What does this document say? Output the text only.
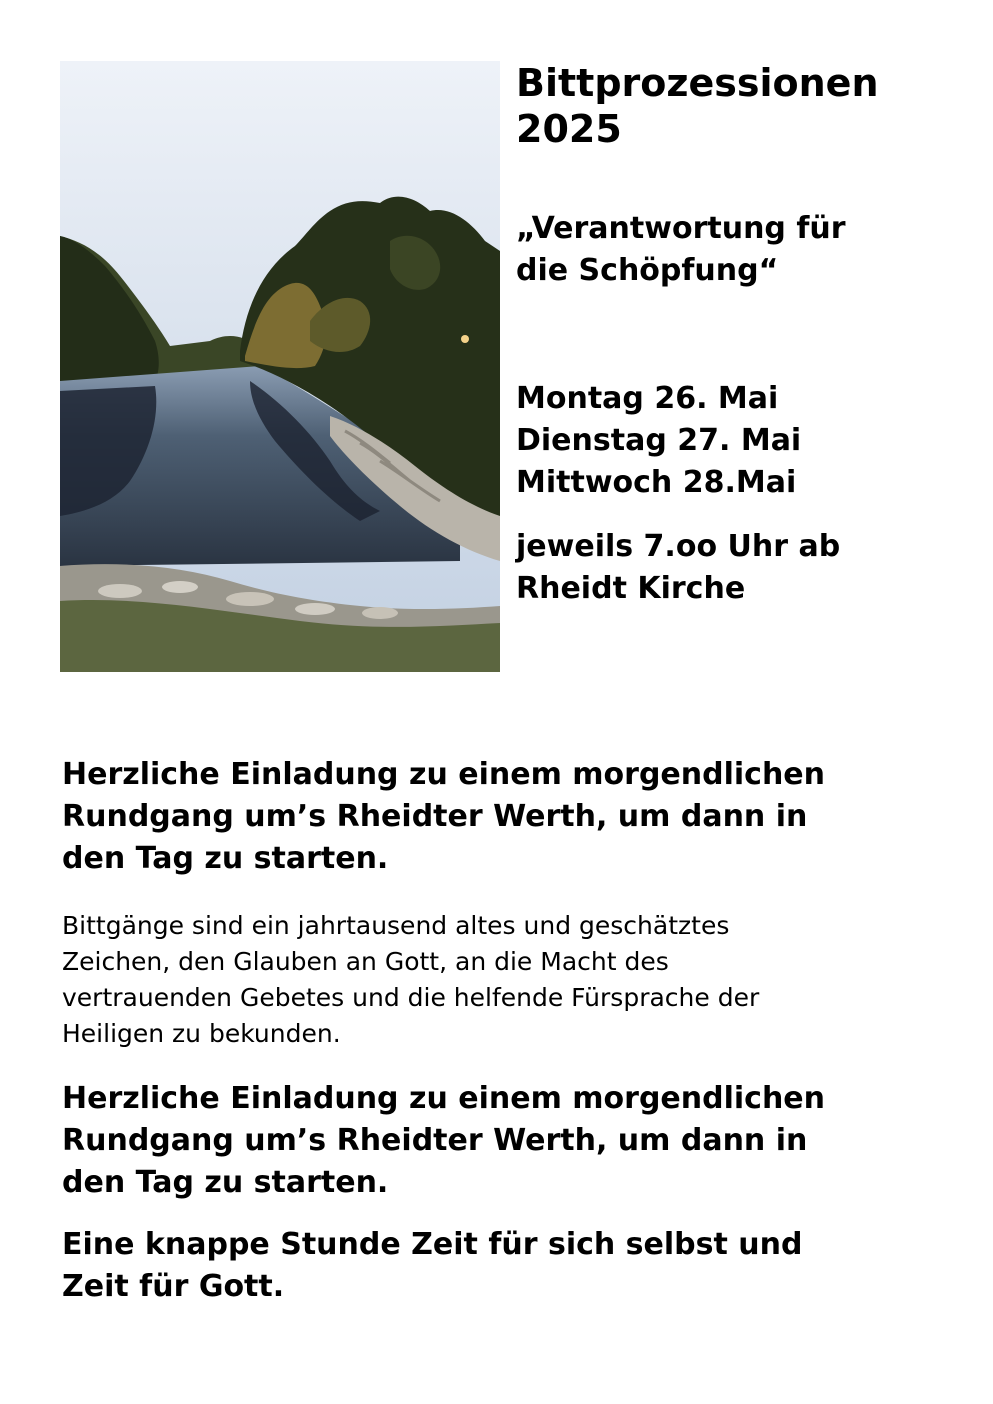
Bittprozessionen
2025
„Verantwortung für
die Schöpfung“
Montag 26. Mai
Dienstag 27. Mai
Mittwoch 28.Mai
jeweils 7.oo Uhr ab
Rheidt Kirche
Herzliche Einladung zu einem morgendlichen
Rundgang um’s Rheidter Werth, um dann in
den Tag zu starten.
Bittgänge sind ein jahrtausend altes und geschätztes
Zeichen, den Glauben an Gott, an die Macht des
vertrauenden Gebetes und die helfende Fürsprache der
Heiligen zu bekunden.
Herzliche Einladung zu einem morgendlichen
Rundgang um’s Rheidter Werth, um dann in
den Tag zu starten.
Eine knappe Stunde Zeit für sich selbst und
Zeit für Gott.
